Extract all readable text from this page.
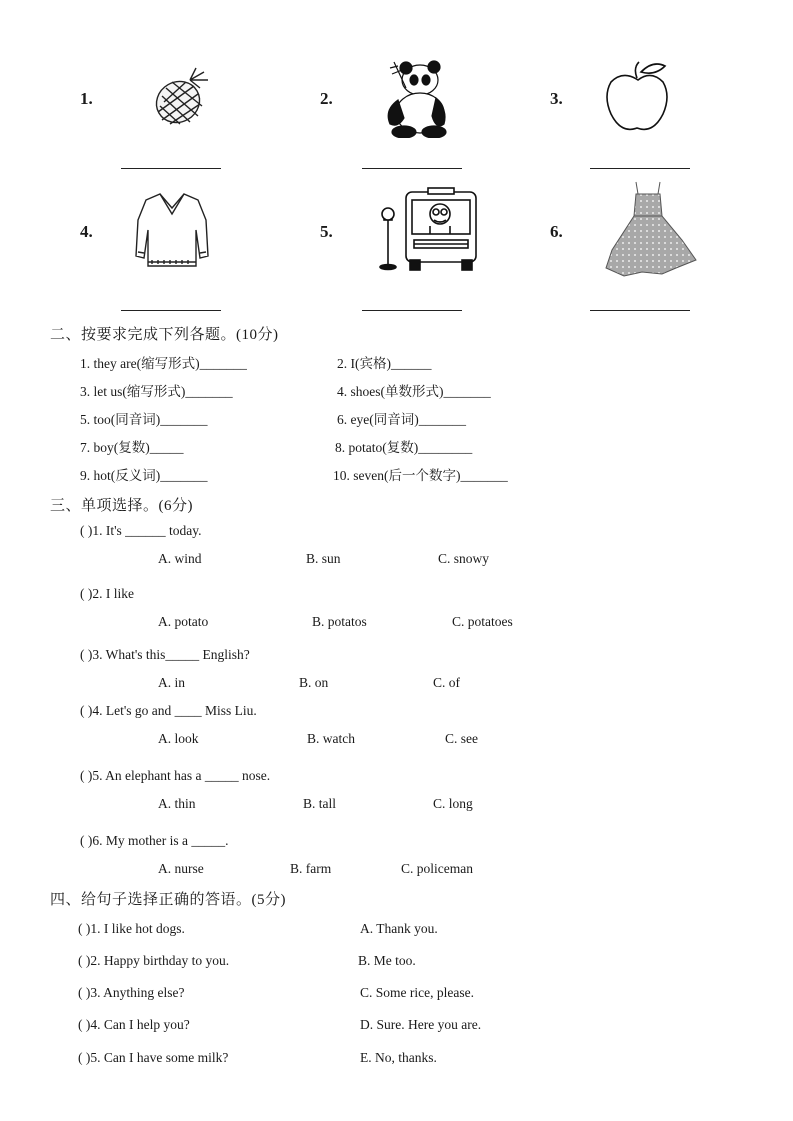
1.	2.	3.
4.	5.	6.
二、按要求完成下列各题。(10分)
1. they are(缩写形式)_______	2. I(宾格)______
3. let us(缩写形式)_______	4. shoes(单数形式)_______
5. too(同音词)_______	6. eye(同音词)_______
7. boy(复数)_____	8. potato(复数)________
9. hot(反义词)_______	10. seven(后一个数字)_______
三、单项选择。(6分)
( )1. It's ______ today.
A. wind	B. sun	C. snowy
( )2. I like
A. potato	B. potatos	C. potatoes
( )3. What's this_____ English?
A. in	B. on	C. of
( )4. Let's go and ____ Miss Liu.
A. look	B. watch	C. see
( )5. An elephant has a _____ nose.
A. thin	B. tall	C. long
( )6. My mother is a _____.
A. nurse	B. farm	C. policeman
四、给句子选择正确的答语。(5分)
( )1. I like hot dogs.	A. Thank you.
( )2. Happy birthday to you.	B. Me too.
( )3. Anything else?	C. Some rice, please.
( )4. Can I help you?	D. Sure. Here you are.
( )5. Can I have some milk?	E. No, thanks.
